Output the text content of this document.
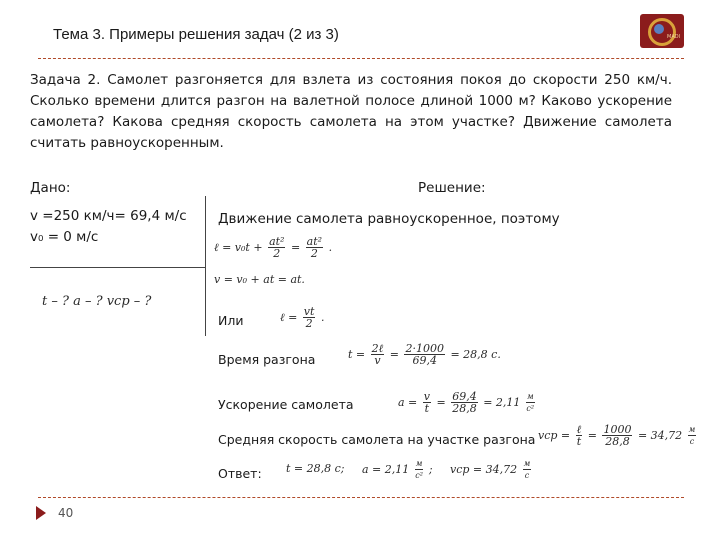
Тема 3. Примеры решения задач (2 из 3)	MADI
Задача 2. Самолет разгоняется для взлета из состояния покоя до скорости 250 км/ч. Сколько времени длится разгон на валетной полосе длиной 1000 м? Каково ускорение самолета? Какова средняя скорость самолета на этом участке? Движение самолета считать равноускоренным.
Дано:	Решение:
v =250 км/ч= 69,4 м/с
v₀ = 0 м/с
t – ? a – ? vср – ?
Движение самолета равноускоренное, поэтому
ℓ = $v_0t + \frac{\text{at²}}{2} = \frac{\text{at²}}{2}$ .
v = v₀ + at = at.
Или	ℓ = $\frac{vt}{2}$ .
Время разгона	$t = \frac{\text{2ℓ}}{v} = \frac{2\cdot 1000}{69,4} = 28,8$ c.
Ускорение самолета	$a = \frac{v}{t} = \frac{69,4}{28,8} = 2,11 \frac{м}{\text{с²}}$
Средняя скорость самолета на участке разгона vср = $\frac{\text{ℓ}}{t} = \frac{1000}{28,8} = 34,72 \frac{м}{с}$
Ответ: t = 28,8 c; $a = 2,11 \frac{м}{\text{с²}}$ ; vср = $34,72 \frac{м}{с}$
40
